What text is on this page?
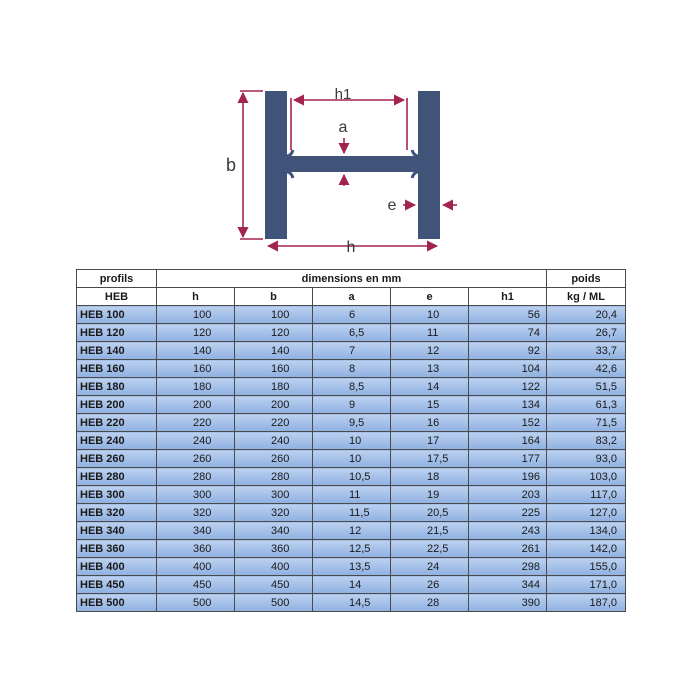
h1
a
b
e
h
profils	dimensions en mm					poids
HEB	h	b	a	e	h1	kg / ML
HEB 100	100	100	6	10	56	20,4
HEB 120	120	120	6,5	11	74	26,7
HEB 140	140	140	7	12	92	33,7
HEB 160	160	160	8	13	104	42,6
HEB 180	180	180	8,5	14	122	51,5
HEB 200	200	200	9	15	134	61,3
HEB 220	220	220	9,5	16	152	71,5
HEB 240	240	240	10	17	164	83,2
HEB 260	260	260	10	17,5	177	93,0
HEB 280	280	280	10,5	18	196	103,0
HEB 300	300	300	11	19	203	117,0
HEB 320	320	320	11,5	20,5	225	127,0
HEB 340	340	340	12	21,5	243	134,0
HEB 360	360	360	12,5	22,5	261	142,0
HEB 400	400	400	13,5	24	298	155,0
HEB 450	450	450	14	26	344	171,0
HEB 500	500	500	14,5	28	390	187,0
